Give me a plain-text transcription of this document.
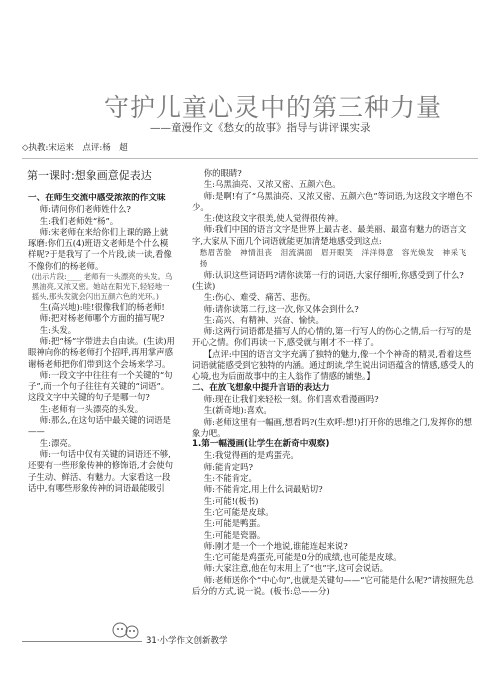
守护儿童心灵中的第三种力量
——童漫作文《愁女的故事》指导与讲评课实录
◇执教:宋运来　点评:杨　超
第一课时:想象画意促表达

一、在师生交流中感受浓浓的作文味

师:请问你们老师姓什么?

生:我们老师姓“杨”。

师:宋老师在来给你们上课的路上就琢磨:你们五(4)班语文老师是个什么模样呢?于是我写了一个片段,读一读,看像不像你们的杨老师。

(出示片段:____ 老师有一头漂亮的头发。乌黑油亮,又浓又密。她站在阳光下,轻轻地一摇头,那头发就会闪出五颜六色的光环。)

生(高兴地):哇!很像我们的杨老师!

师:把对杨老师哪个方面的描写呢?

生:头发。

师:把“杨”字带进去自由读。(生读)用眼神向你的杨老师打个招呼,再用掌声感谢杨老师把你们带到这个会场来学习。

师:一段文字中往往有一个关键的“句子”,而一个句子往往有关键的“词语”。这段文字中关键的句子是哪一句?

生:老师有一头漂亮的头发。

师:那么,在这句话中最关键的词语是——

生:漂亮。

师:一句话中仅有关键的词语还不够,还要有一些形象传神的修饰语,才会使句子生动、鲜活、有魅力。大家看这一段话中,有哪些形象传神的词语最能吸引

你的眼睛?

生:乌黑油亮、又浓又密、五颜六色。

师:是啊!有了“乌黑油亮、又浓又密、五颜六色”等词语,为这段文字增色不少。

生:使这段文字很美,使人觉得很传神。

师:我们中国的语言文字是世界上最古老、最美丽、最富有魅力的语言文字,大家从下面几个词语就能更加清楚地感受到这点:

愁眉苦脸　神情沮丧　泪流满面　眉开眼笑　洋洋得意　容光焕发　神采飞扬

师:认识这些词语吗?请你读第一行的词语,大家仔细听,你感受到了什么?(生读)

生:伤心、难受、痛苦、悲伤。

师:请你读第二行,这一次,你又体会到什么?

生:高兴、有精神、兴奋、愉快。

师:这两行词语都是描写人的心情的,第一行写人的伤心之情,后一行写的是开心之情。你们再读一下,感受就与刚才不一样了。

【点评:中国的语言文字充满了独特的魅力,像一个个神奇的精灵,看着这些词语就能感受到它独特的内涵。通过朗读,学生说出词语蕴含的情感,感受人的心境,也为后面故事中的主人翁作了情感的铺垫。】

二、在放飞想象中提升言语的表达力

师:现在让我们来轻松一刻。你们喜欢看漫画吗?

生(新奇地):喜欢。

师:老师这里有一幅画,想看吗?(生欢呼:想!)打开你的思维之门,发挥你的想象力吧。

1.第一幅漫画(让学生在新奇中观察)

生:我觉得画的是鸡蛋壳。

师:能肯定吗?

生:不能肯定。

师:不能肯定,用上什么词最贴切?

生:可能!(板书)

生:它可能是皮球。

生:可能是鸭蛋。

生:可能是瓷器。

师:刚才是一个一个地说,谁能连起来说?

生:它可能是鸡蛋壳,可能是0分的成绩,也可能是皮球。

师:大家注意,他在句末用上了“也”字,这可会说话。

师:老师送你个“中心句”,也就是关键句——“它可能是什么呢?”请按照先总后分的方式,说一说。(板书:总——分)

31·小学作文创新教学
